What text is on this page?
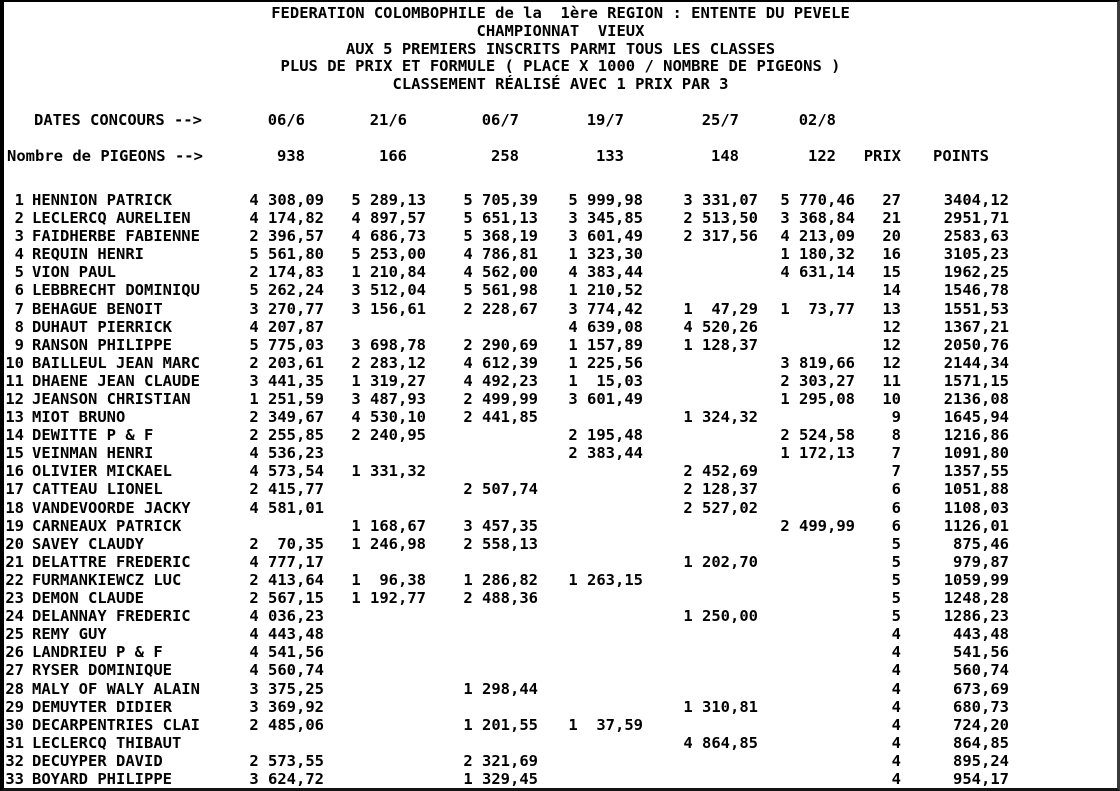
FEDERATION COLOMBOPHILE de la  1ère REGION : ENTENTE DU PEVELE
CHAMPIONNAT  VIEUX
AUX 5 PREMIERS INSCRITS PARMI TOUS LES CLASSES
PLUS DE PRIX ET FORMULE ( PLACE X 1000 / NOMBRE DE PIGEONS )
CLASSEMENT RÉALISÉ AVEC 1 PRIX PAR 3
DATES CONCOURS -->		06/6	21/6	06/7	19/7	25/7	02/8			
Nombre de PIGEONS -->		938	166	258	133	148	122	PRIX	POINTS	

1	HENNION PATRICK	4 308,09	5 289,13	5 705,39	5 999,98	3 331,07	5 770,46	27	3404,12	
2	LECLERCQ AURELIEN	4 174,82	4 897,57	5 651,13	3 345,85	2 513,50	3 368,84	21	2951,71	
3	FAIDHERBE FABIENNE	2 396,57	4 686,73	5 368,19	3 601,49	2 317,56	4 213,09	20	2583,63	
4	REQUIN HENRI	5 561,80	5 253,00	4 786,81	1 323,30		1 180,32	16	3105,23	
5	VION PAUL	2 174,83	1 210,84	4 562,00	4 383,44		4 631,14	15	1962,25	
6	LEBBRECHT DOMINIQU	5 262,24	3 512,04	5 561,98	1 210,52			14	1546,78	
7	BEHAGUE BENOIT	3 270,77	3 156,61	2 228,67	3 774,42	1  47,29	1  73,77	13	1551,53	
8	DUHAUT PIERRICK	4 207,87			4 639,08	4 520,26		12	1367,21	
9	RANSON PHILIPPE	5 775,03	3 698,78	2 290,69	1 157,89	1 128,37		12	2050,76	
10	BAILLEUL JEAN MARC	2 203,61	2 283,12	4 612,39	1 225,56		3 819,66	12	2144,34	
11	DHAENE JEAN CLAUDE	3 441,35	1 319,27	4 492,23	1  15,03		2 303,27	11	1571,15	
12	JEANSON CHRISTIAN	1 251,59	3 487,93	2 499,99	3 601,49		1 295,08	10	2136,08	
13	MIOT BRUNO	2 349,67	4 530,10	2 441,85		1 324,32		9	1645,94	
14	DEWITTE P & F	2 255,85	2 240,95		2 195,48		2 524,58	8	1216,86	
15	VEINMAN HENRI	4 536,23			2 383,44		1 172,13	7	1091,80	
16	OLIVIER MICKAEL	4 573,54	1 331,32			2 452,69		7	1357,55	
17	CATTEAU LIONEL	2 415,77		2 507,74		2 128,37		6	1051,88	
18	VANDEVOORDE JACKY	4 581,01				2 527,02		6	1108,03	
19	CARNEAUX PATRICK		1 168,67	3 457,35			2 499,99	6	1126,01	
20	SAVEY CLAUDY	2  70,35	1 246,98	2 558,13				5	875,46	
21	DELATTRE FREDERIC	4 777,17				1 202,70		5	979,87	
22	FURMANKIEWCZ LUC	2 413,64	1  96,38	1 286,82	1 263,15			5	1059,99	
23	DEMON CLAUDE	2 567,15	1 192,77	2 488,36				5	1248,28	
24	DELANNAY FREDERIC	4 036,23				1 250,00		5	1286,23	
25	REMY GUY	4 443,48						4	443,48	
26	LANDRIEU P & F	4 541,56						4	541,56	
27	RYSER DOMINIQUE	4 560,74						4	560,74	
28	MALY OF WALY ALAIN	3 375,25		1 298,44				4	673,69	
29	DEMUYTER DIDIER	3 369,92				1 310,81		4	680,73	
30	DECARPENTRIES CLAI	2 485,06		1 201,55	1  37,59			4	724,20	
31	LECLERCQ THIBAUT					4 864,85		4	864,85	
32	DECUYPER DAVID	2 573,55		2 321,69				4	895,24	
33	BOYARD PHILIPPE	3 624,72		1 329,45				4	954,17	
